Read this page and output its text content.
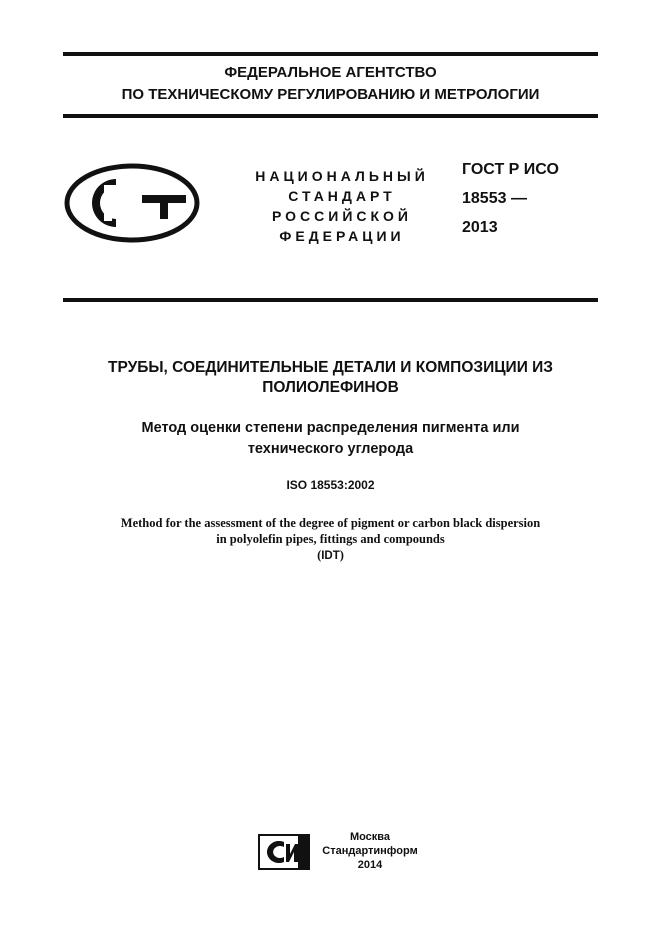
ФЕДЕРАЛЬНОЕ АГЕНТСТВО
ПО ТЕХНИЧЕСКОМУ РЕГУЛИРОВАНИЮ И МЕТРОЛОГИИ
НАЦИОНАЛЬНЫЙ
СТАНДАРТ
РОССИЙСКОЙ
ФЕДЕРАЦИИ
ГОСТ Р ИСО
18553 —
2013
ТРУБЫ, СОЕДИНИТЕЛЬНЫЕ ДЕТАЛИ И КОМПОЗИЦИИ ИЗ
ПОЛИОЛЕФИНОВ
Метод оценки степени распределения пигмента или
технического углерода
ISO 18553:2002
Method for the assessment of the degree of pigment or carbon black dispersion
in polyolefin pipes, fittings and compounds
(IDT)
Москва
Стандартинформ
2014
